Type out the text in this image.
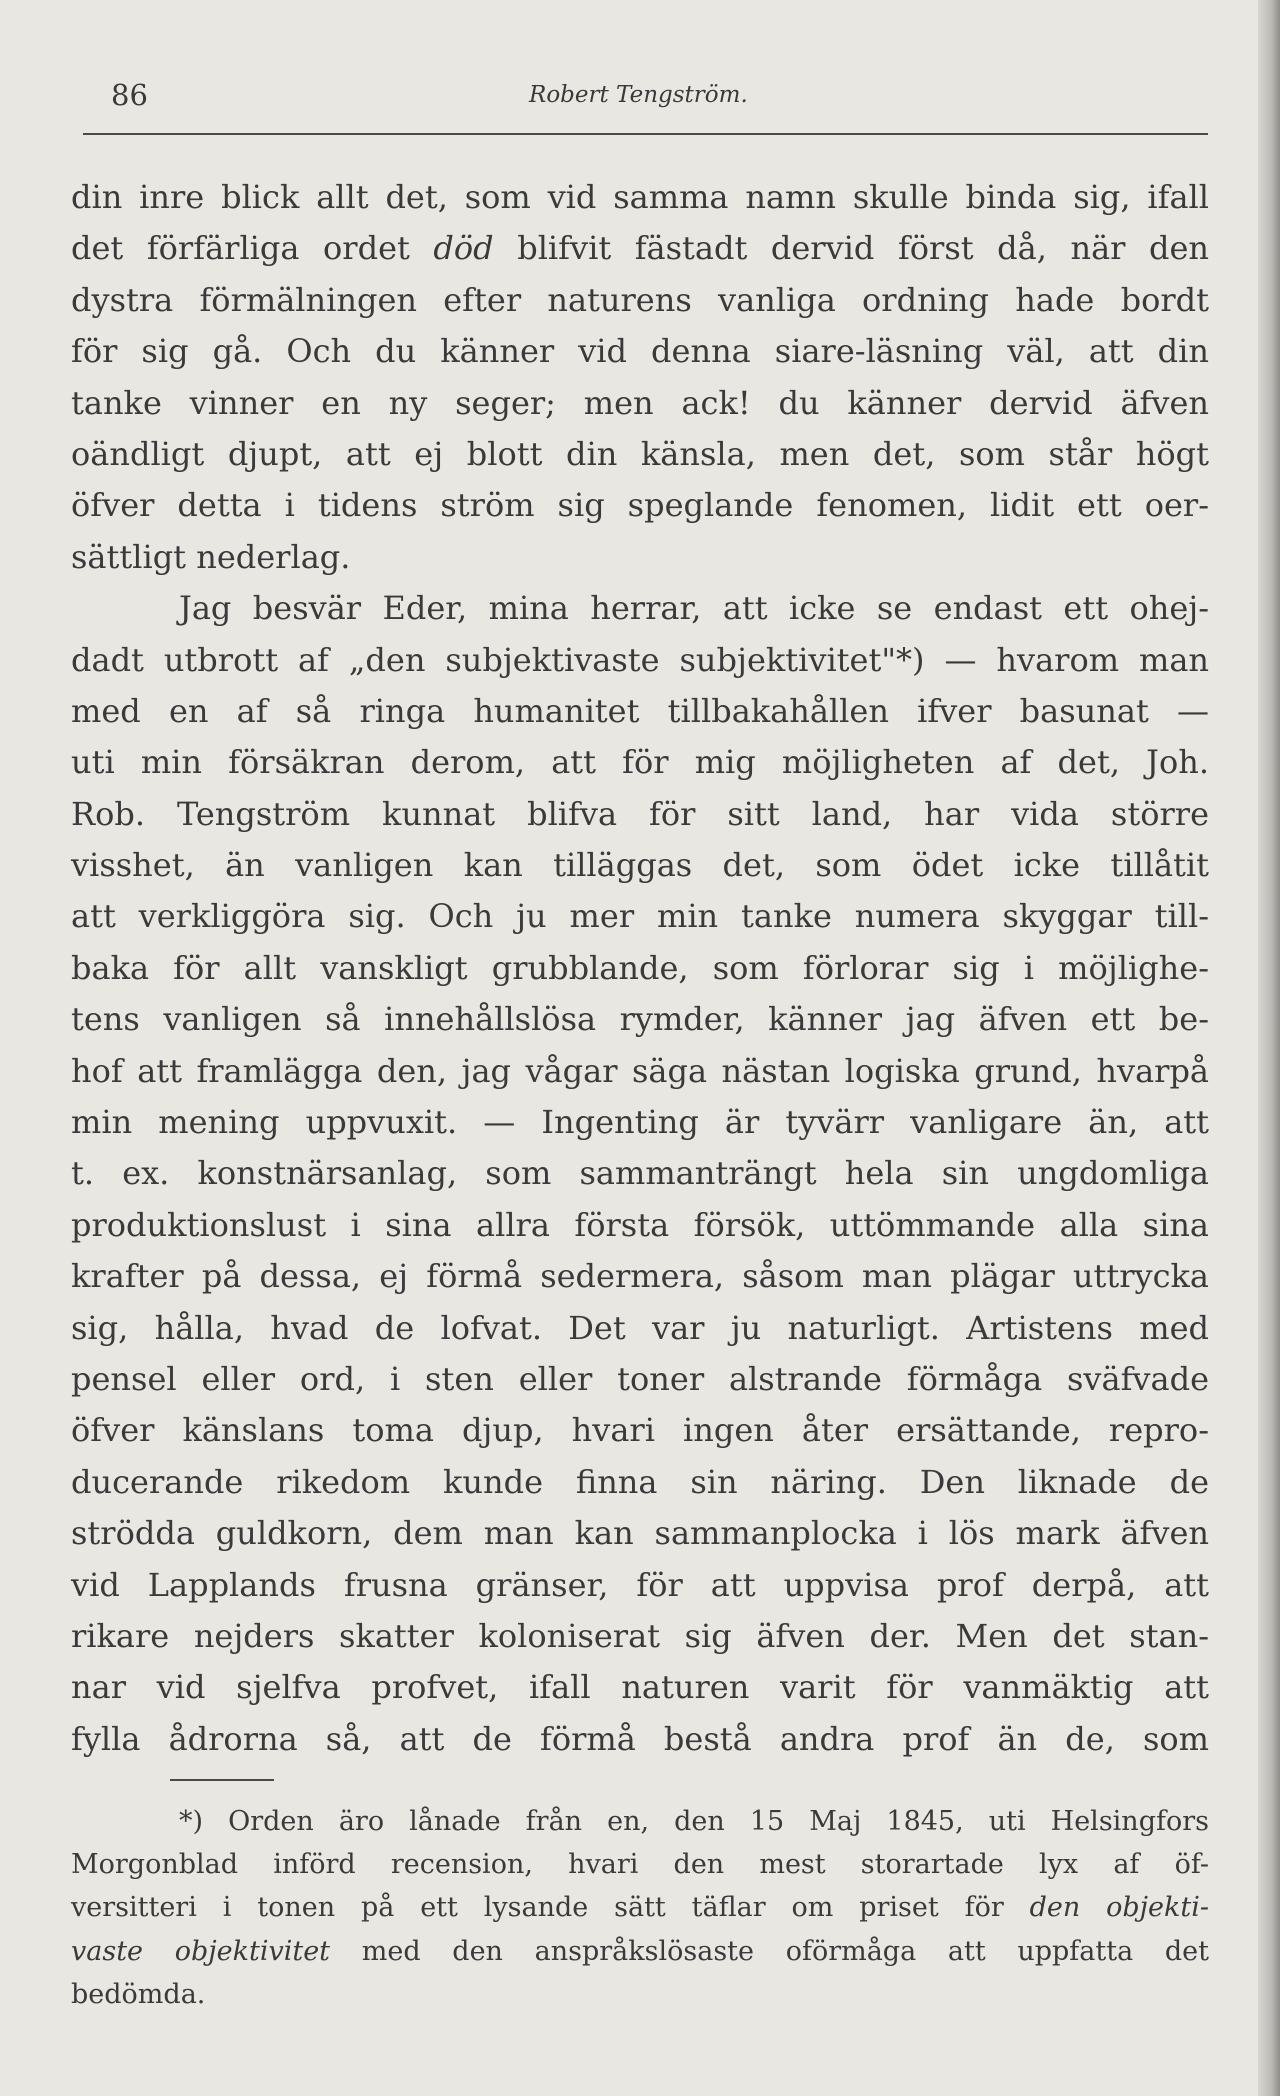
86	Robert Tengström.
din inre blick allt det, som vid samma namn skulle binda sig, ifall
det förfärliga ordet död blifvit fästadt dervid först då, när den
dystra förmälningen efter naturens vanliga ordning hade bordt
för sig gå. Och du känner vid denna siare-läsning väl, att din
tanke vinner en ny seger; men ack! du känner dervid äfven
oändligt djupt, att ej blott din känsla, men det, som står högt
öfver detta i tidens ström sig speglande fenomen, lidit ett oer-
sättligt nederlag.
Jag besvär Eder, mina herrar, att icke se endast ett ohej-
dadt utbrott af „den subjektivaste subjektivitet"*) — hvarom man
med en af så ringa humanitet tillbakahållen ifver basunat —
uti min försäkran derom, att för mig möjligheten af det, Joh.
Rob. Tengström kunnat blifva för sitt land, har vida större
visshet, än vanligen kan tilläggas det, som ödet icke tillåtit
att verkliggöra sig. Och ju mer min tanke numera skyggar till-
baka för allt vanskligt grubblande, som förlorar sig i möjlighe-
tens vanligen så innehållslösa rymder, känner jag äfven ett be-
hof att framlägga den, jag vågar säga nästan logiska grund, hvarpå
min mening uppvuxit. — Ingenting är tyvärr vanligare än, att
t. ex. konstnärsanlag, som sammanträngt hela sin ungdomliga
produktionslust i sina allra första försök, uttömmande alla sina
krafter på dessa, ej förmå sedermera, såsom man plägar uttrycka
sig, hålla, hvad de lofvat. Det var ju naturligt. Artistens med
pensel eller ord, i sten eller toner alstrande förmåga sväfvade
öfver känslans toma djup, hvari ingen åter ersättande, repro-
ducerande rikedom kunde finna sin näring. Den liknade de
strödda guldkorn, dem man kan sammanplocka i lös mark äfven
vid Lapplands frusna gränser, för att uppvisa prof derpå, att
rikare nejders skatter koloniserat sig äfven der. Men det stan-
nar vid sjelfva profvet, ifall naturen varit för vanmäktig att
fylla ådrorna så, att de förmå bestå andra prof än de, som
*) Orden äro lånade från en, den 15 Maj 1845, uti Helsingfors
Morgonblad införd recension, hvari den mest storartade lyx af öf-
versitteri i tonen på ett lysande sätt täflar om priset för den objekti-
vaste objektivitet med den anspråkslösaste oförmåga att uppfatta det
bedömda.
